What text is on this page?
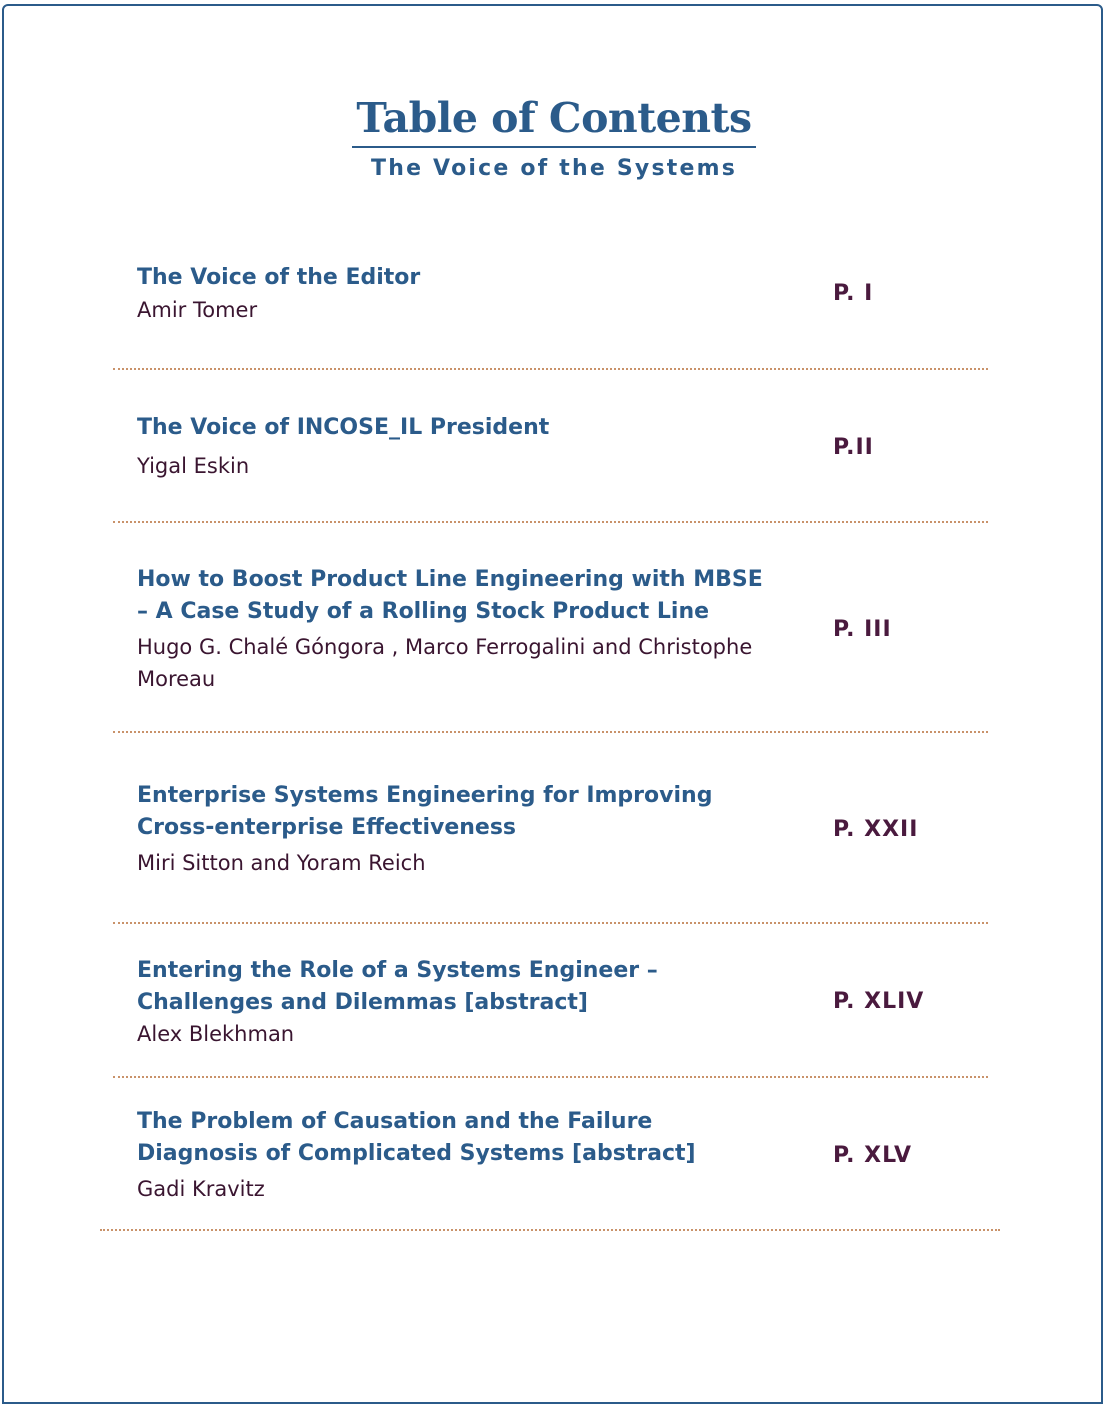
Table of Contents
The Voice of the Systems
The Voice of the Editor
Amir Tomer
P. I
The Voice of INCOSE_IL President
Yigal Eskin
P.II
How to Boost Product Line Engineering with MBSE – A Case Study of a Rolling Stock Product Line
Hugo G. Chalé Góngora , Marco Ferrogalini and Christophe Moreau
P. III
Enterprise Systems Engineering for Improving Cross-enterprise Effectiveness
Miri Sitton and Yoram Reich
P. XXII
Entering the Role of a Systems Engineer – Challenges and Dilemmas [abstract]
Alex Blekhman
P. XLIV
The Problem of Causation and the Failure Diagnosis of Complicated Systems [abstract]
Gadi Kravitz
P. XLV
